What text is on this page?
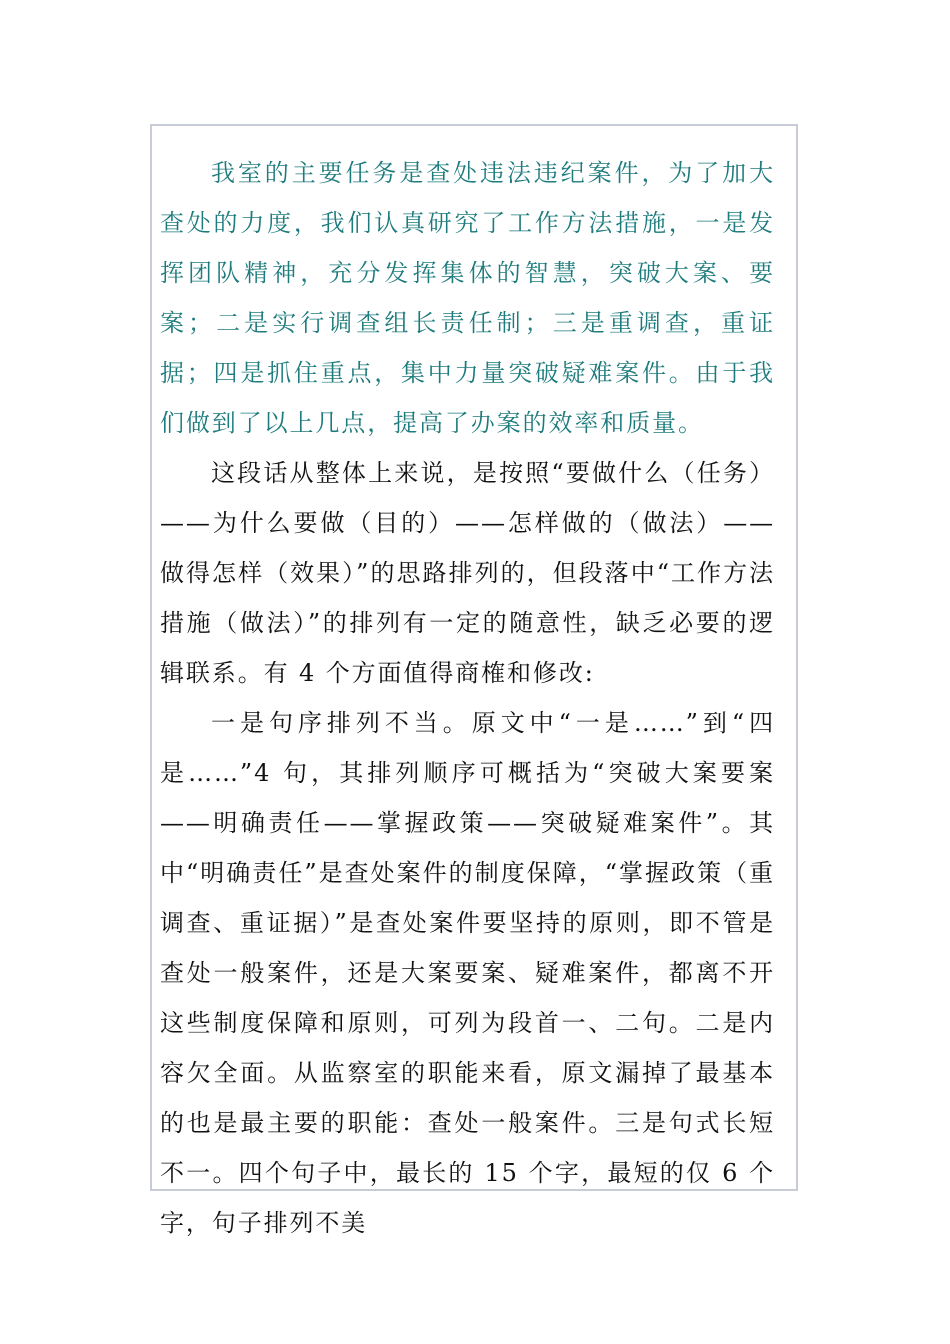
我室的主要任务是查处违法违纪案件，为了加大查处的力度，我们认真研究了工作方法措施，一是发挥团队精神，充分发挥集体的智慧，突破大案、要案；二是实行调查组长责任制；三是重调查，重证据；四是抓住重点，集中力量突破疑难案件。由于我们做到了以上几点，提高了办案的效率和质量。

这段话从整体上来说，是按照“要做什么（任务）——为什么要做（目的）——怎样做的（做法）——做得怎样（效果）”的思路排列的，但段落中“工作方法措施（做法）”的排列有一定的随意性，缺乏必要的逻辑联系。有 4 个方面值得商榷和修改:

一是句序排列不当。原文中“一是……”到“四是……”4 句，其排列顺序可概括为“突破大案要案——明确责任——掌握政策——突破疑难案件”。其中“明确责任”是查处案件的制度保障，“掌握政策（重调查、重证据）”是查处案件要坚持的原则，即不管是查处一般案件，还是大案要案、疑难案件，都离不开这些制度保障和原则，可列为段首一、二句。二是内容欠全面。从监察室的职能来看，原文漏掉了最基本的也是最主要的职能：查处一般案件。三是句式长短不一。四个句子中，最长的 15 个字，最短的仅 6 个字，句子排列不美
